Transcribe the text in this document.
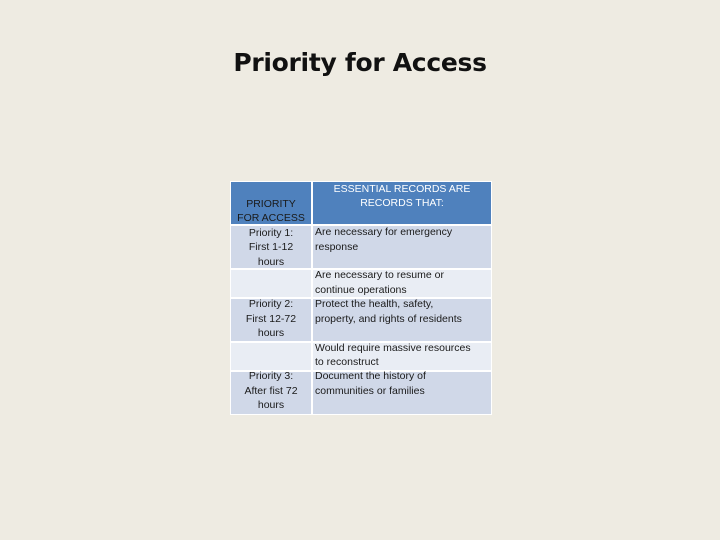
Priority for Access
ESSENTIAL RECORDS ARE
RECORDS THAT:
PRIORITY
FOR ACCESS
Priority 1:
First 1-12
hours
Priority 2:
First 12-72
hours
Priority 3:
After fist 72
hours
Are necessary for emergency
response
Are necessary to resume or
continue operations
Protect the health, safety,
property, and rights of residents
Would require massive resources
to reconstruct
Document the history of
communities or families
